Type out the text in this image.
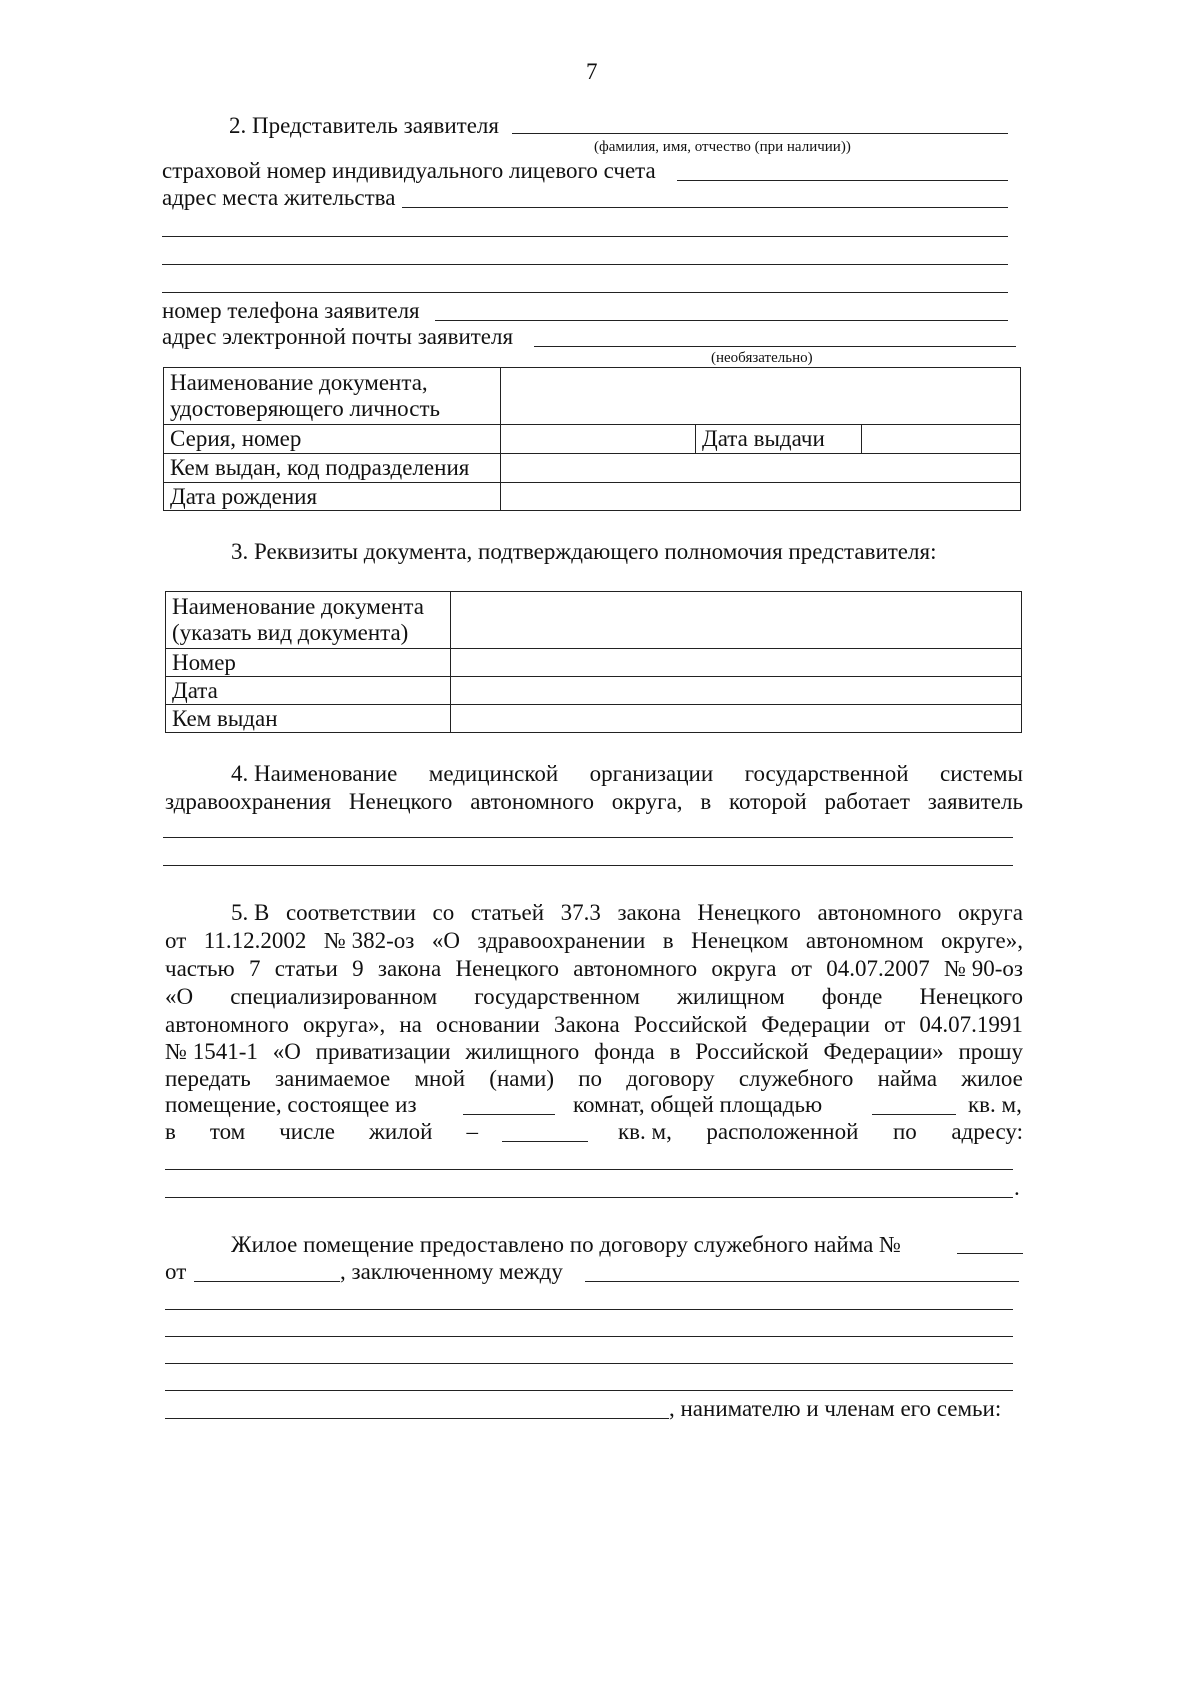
7
2. Представитель заявителя
(фамилия, имя, отчество (при наличии))
страховой номер индивидуального лицевого счета
адрес места жительства
номер телефона заявителя
адрес электронной почты заявителя
(необязательно)
Наименование документа,
удостоверяющего личность			

Серия, номер		Дата выдачи	
Кем выдан, код подразделения			
Дата рождения			
3. Реквизиты документа, подтверждающего полномочия представителя:
Наименование документа
(указать вид документа)	

Номер	
Дата	
Кем выдан	
4. Наименование медицинской организации государственной системы
здравоохранения Ненецкого автономного округа, в которой работает заявитель
5. В соответствии со статьей 37.3 закона Ненецкого автономного округа
от 11.12.2002 № 382-оз «О здравоохранении в Ненецком автономном округе»,
частью 7 статьи 9 закона Ненецкого автономного округа от 04.07.2007 № 90-оз
«О специализированном государственном жилищном фонде Ненецкого
автономного округа», на основании Закона Российской Федерации от 04.07.1991
№ 1541-1 «О приватизации жилищного фонда в Российской Федерации» прошу
передать занимаемое мной (нами) по договору служебного найма жилое
помещение, состоящее из	комнат, общей площадью	кв. м,
в том числе жилой –	кв. м, расположенной по адресу:
.
Жилое помещение предоставлено по договору служебного найма №
от	, заключенному между
, нанимателю и членам его семьи:
